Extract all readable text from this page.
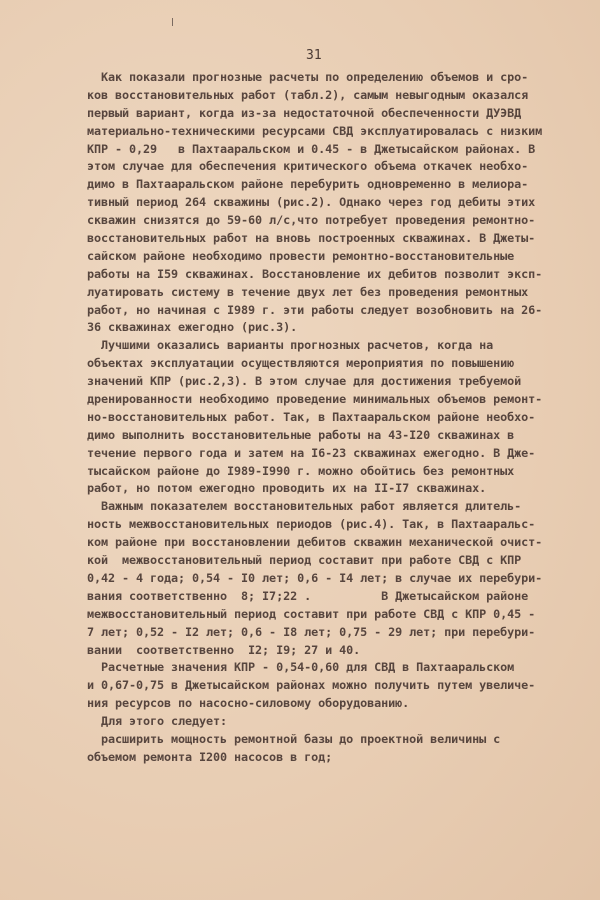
31
Как показали прогнозные расчеты по определению объемов и сро-
ков восстановительных работ (табл.2), самым невыгодным оказался
первый вариант, когда из-за недостаточной обеспеченности ДУЭВД
материально-техническими ресурсами СВД эксплуатировалась с низким
КПР - 0,29   в Пахтааральском и 0.45 - в Джетысайском районах. В
этом случае для обеспечения критического объема откачек необхо-
димо в Пахтааральском районе перебурить одновременно в мелиора-
тивный период 264 скважины (рис.2). Однако через год дебиты этих
скважин снизятся до 59-60 л/с,что потребует проведения ремонтно-
восстановительных работ на вновь построенных скважинах. В Джеты-
сайском районе необходимо провести ремонтно-восстановительные
работы на I59 скважинах. Восстановление их дебитов позволит эксп-
луатировать систему в течение двух лет без проведения ремонтных
работ, но начиная с I989 г. эти работы следует возобновить на 26-
36 скважинах ежегодно (рис.3).
Лучшими оказались варианты прогнозных расчетов, когда на
объектах эксплуатации осуществляются мероприятия по повышению
значений КПР (рис.2,3). В этом случае для достижения требуемой
дренированности необходимо проведение минимальных объемов ремонт-
но-восстановительных работ. Так, в Пахтааральском районе необхо-
димо выполнить восстановительные работы на 43-I20 скважинах в
течение первого года и затем на I6-23 скважинах ежегодно. В Дже-
тысайском районе до I989-I990 г. можно обойтись без ремонтных
работ, но потом ежегодно проводить их на II-I7 скважинах.
Важным показателем восстановительных работ является длитель-
ность межвосстановительных периодов (рис.4). Так, в Пахтааральс-
ком районе при восстановлении дебитов скважин механической очист-
кой  межвосстановительный период составит при работе СВД с КПР
0,42 - 4 года; 0,54 - I0 лет; 0,6 - I4 лет; в случае их перебури-
вания соответственно  8; I7;22 .          В Джетысайском районе
межвосстановительный период составит при работе СВД с КПР 0,45 -
7 лет; 0,52 - I2 лет; 0,6 - I8 лет; 0,75 - 29 лет; при перебури-
вании  соответственно  I2; I9; 27 и 40.
Расчетные значения КПР - 0,54-0,60 для СВД в Пахтааральском
и 0,67-0,75 в Джетысайском районах можно получить путем увеличе-
ния ресурсов по насосно-силовому оборудованию.
Для этого следует:
расширить мощность ремонтной базы до проектной величины с
объемом ремонта I200 насосов в год;
